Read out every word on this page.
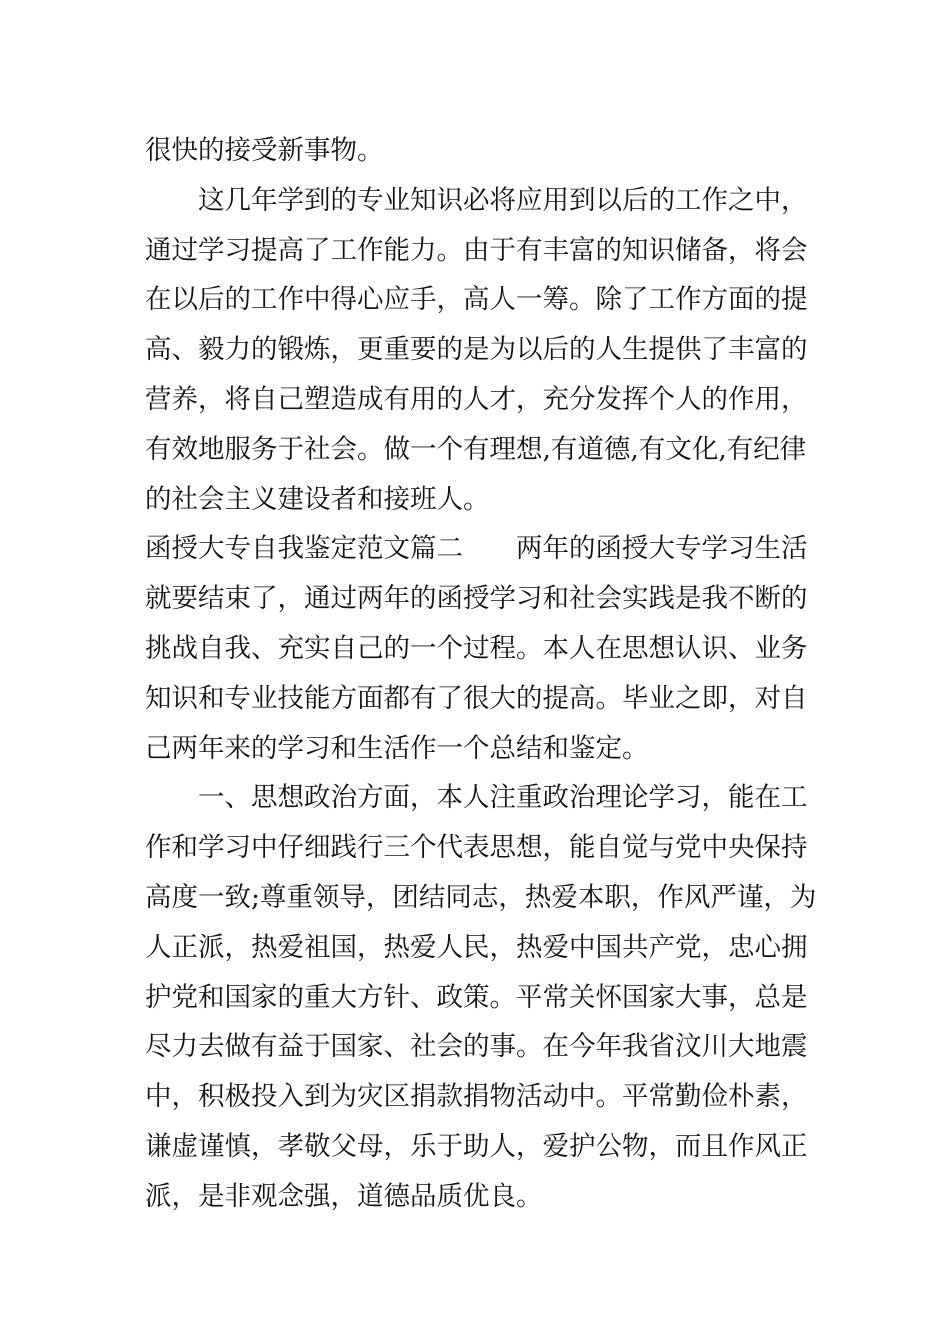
很快的接受新事物。
这几年学到的专业知识必将应用到以后的工作之中，
通过学习提高了工作能力。由于有丰富的知识储备，将会
在以后的工作中得心应手，高人一筹。除了工作方面的提
高、毅力的锻炼，更重要的是为以后的人生提供了丰富的
营养，将自己塑造成有用的人才，充分发挥个人的作用，
有效地服务于社会。做一个有理想,有道德,有文化,有纪律
的社会主义建设者和接班人。
函授大专自我鉴定范文篇二　　两年的函授大专学习生活
就要结束了，通过两年的函授学习和社会实践是我不断的
挑战自我、充实自己的一个过程。本人在思想认识、业务
知识和专业技能方面都有了很大的提高。毕业之即，对自
己两年来的学习和生活作一个总结和鉴定。
一、思想政治方面，本人注重政治理论学习，能在工
作和学习中仔细践行三个代表思想，能自觉与党中央保持
高度一致;尊重领导，团结同志，热爱本职，作风严谨，为
人正派，热爱祖国，热爱人民，热爱中国共产党，忠心拥
护党和国家的重大方针、政策。平常关怀国家大事，总是
尽力去做有益于国家、社会的事。在今年我省汶川大地震
中，积极投入到为灾区捐款捐物活动中。平常勤俭朴素，
谦虚谨慎，孝敬父母，乐于助人，爱护公物，而且作风正
派，是非观念强，道德品质优良。
